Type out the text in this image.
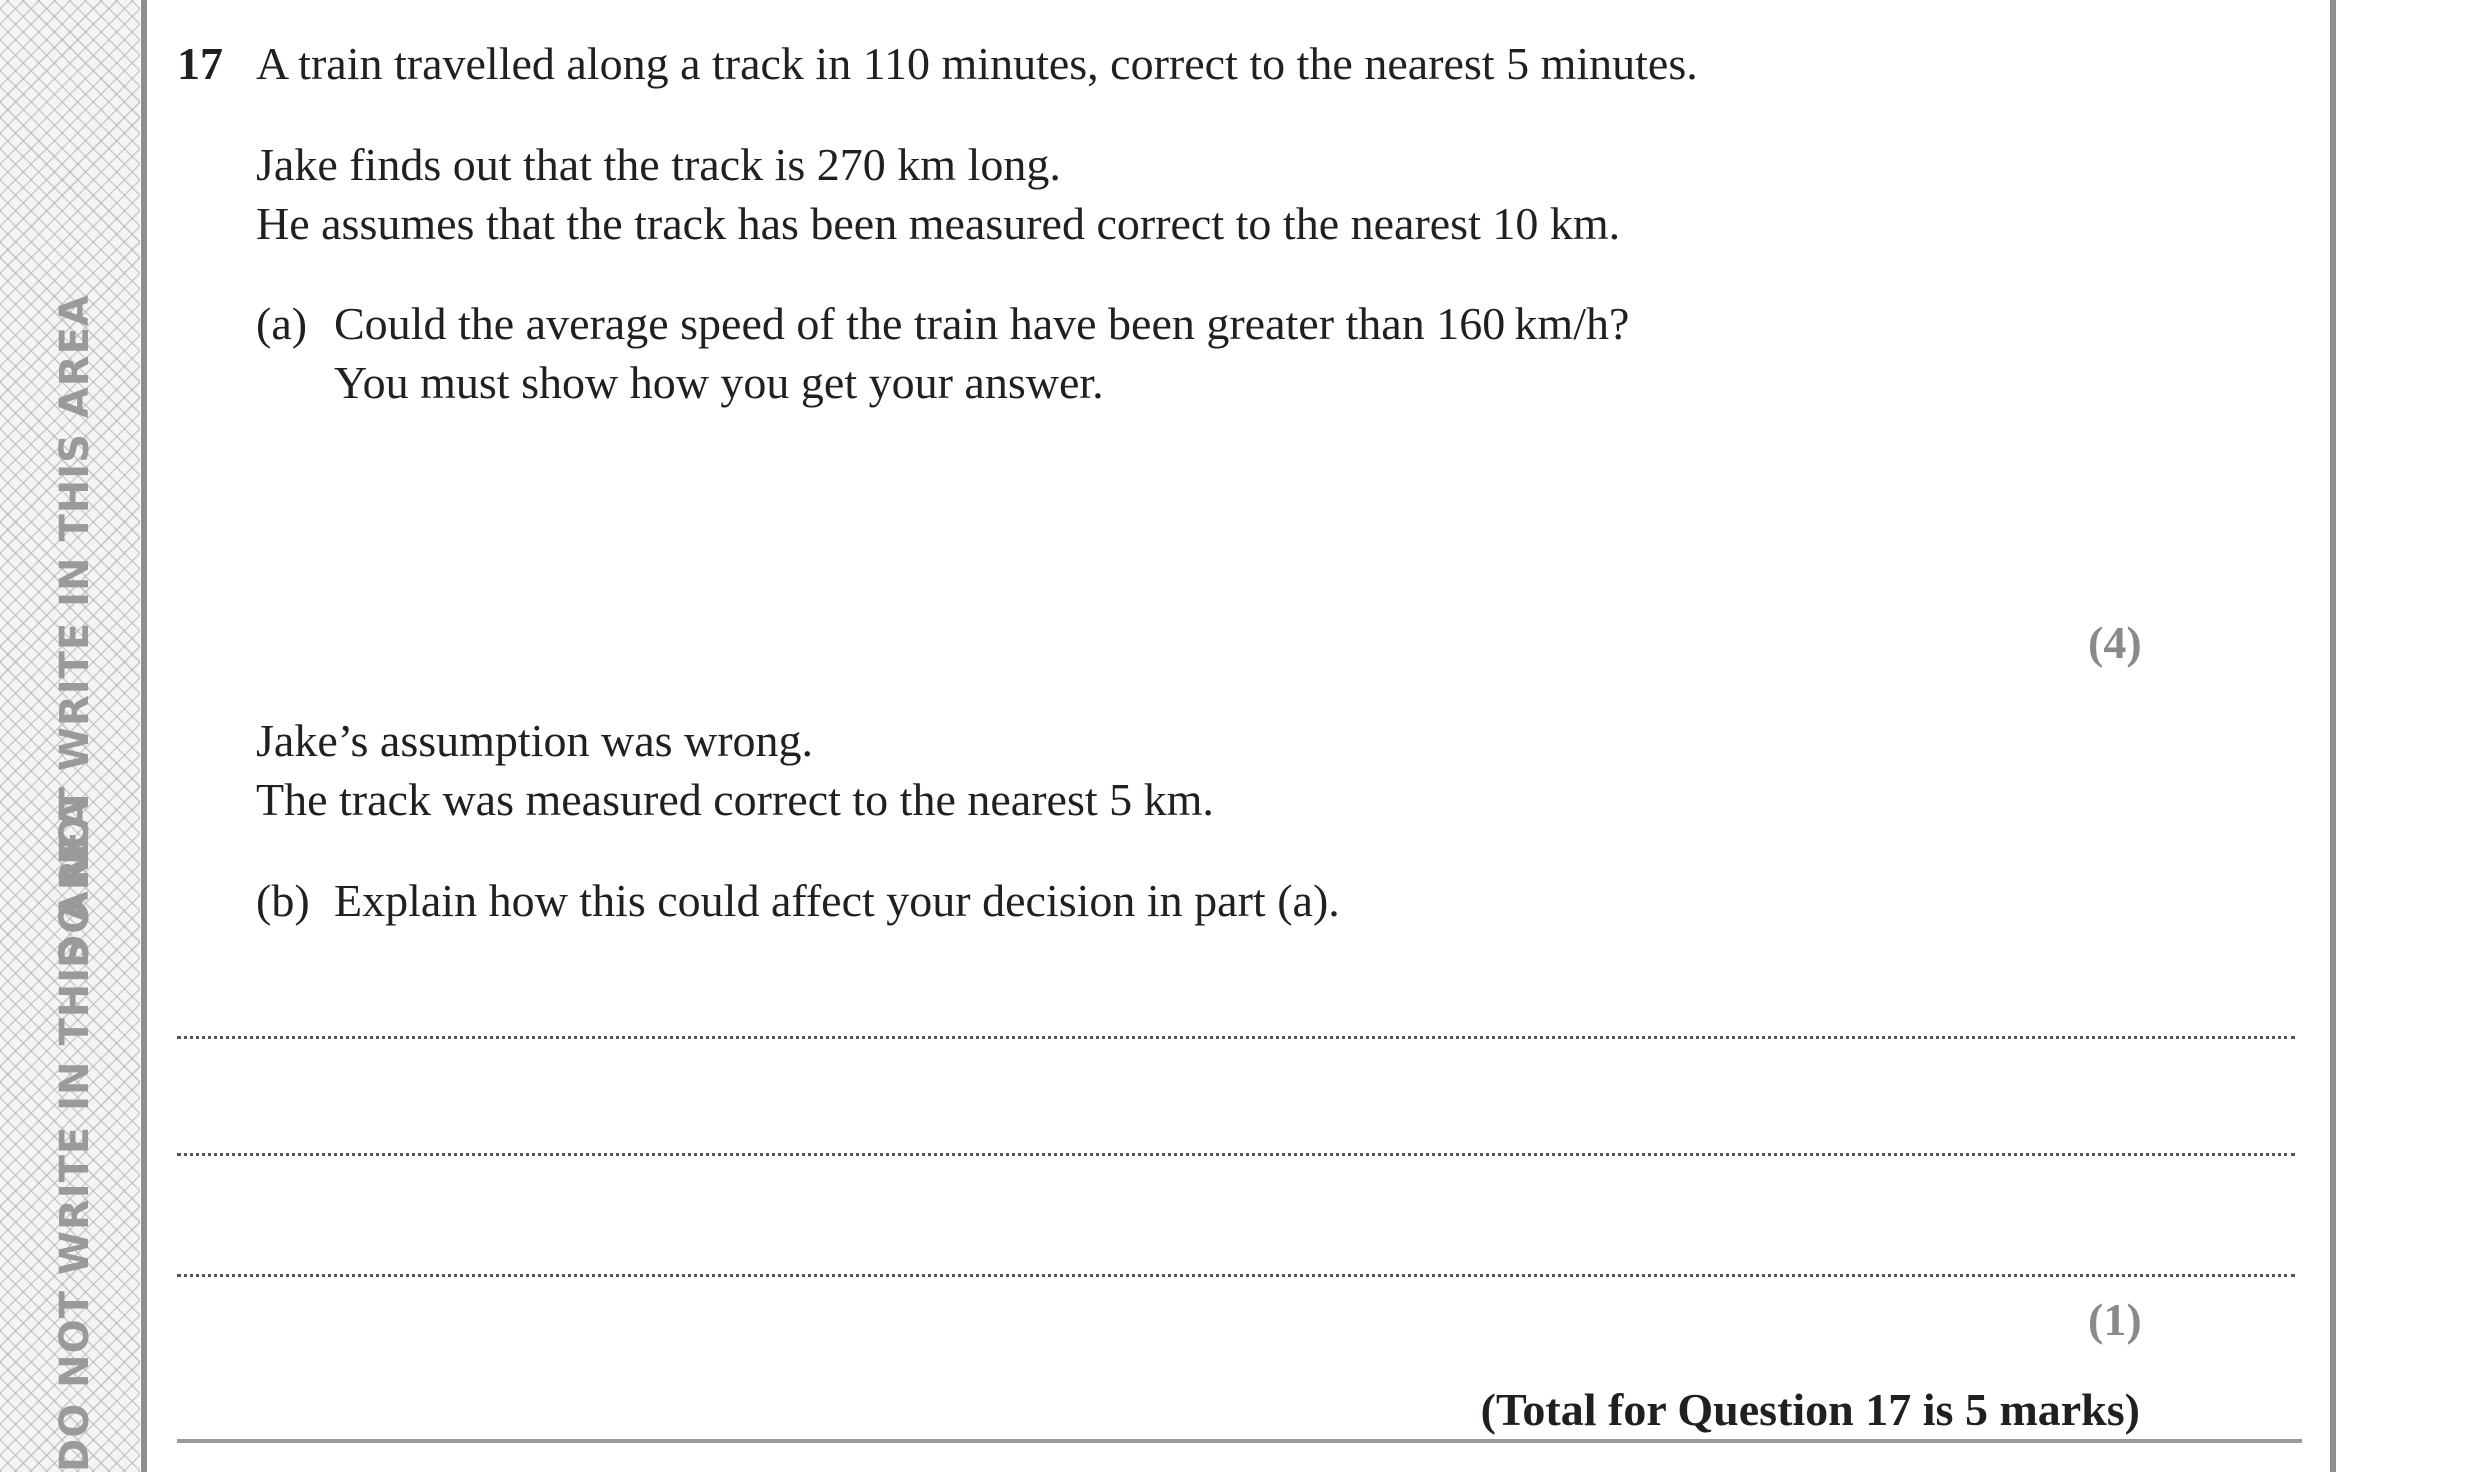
DO NOT WRITE IN THIS AREA
DO NOT WRITE IN THIS AREA
17 A train travelled along a track in 110 minutes, correct to the nearest 5 minutes.
Jake finds out that the track is 270 km long.
He assumes that the track has been measured correct to the nearest 10 km.
(a) Could the average speed of the train have been greater than 160 km/h?
You must show how you get your answer.
(4)
Jake’s assumption was wrong.
The track was measured correct to the nearest 5 km.
(b) Explain how this could affect your decision in part (a).
(1)
(Total for Question 17 is 5 marks)
